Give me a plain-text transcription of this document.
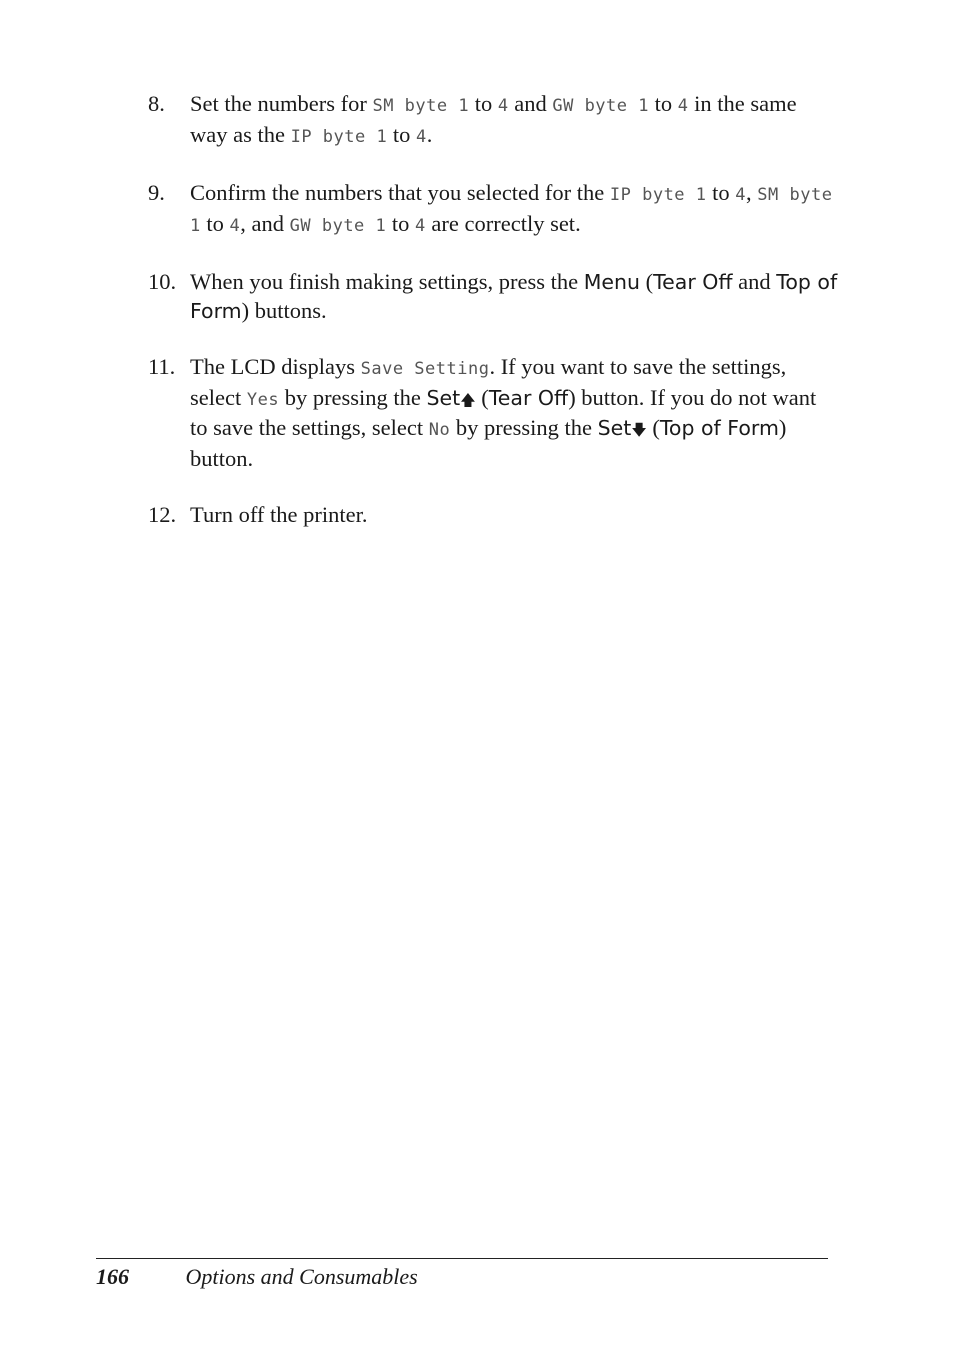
8. Set the numbers for SM byte 1 to 4 and GW byte 1 to 4 in the same way as the IP byte 1 to 4.
9. Confirm the numbers that you selected for the IP byte 1 to 4, SM byte 1 to 4, and GW byte 1 to 4 are correctly set.
10. When you finish making settings, press the Menu (Tear Off and Top of Form) buttons.
11. The LCD displays Save Setting. If you want to save the settings, select Yes by pressing the Set🡅 (Tear Off) button. If you do not want to save the settings, select No by pressing the Set🡇 (Top of Form) button.
12. Turn off the printer.
166	Options and Consumables
